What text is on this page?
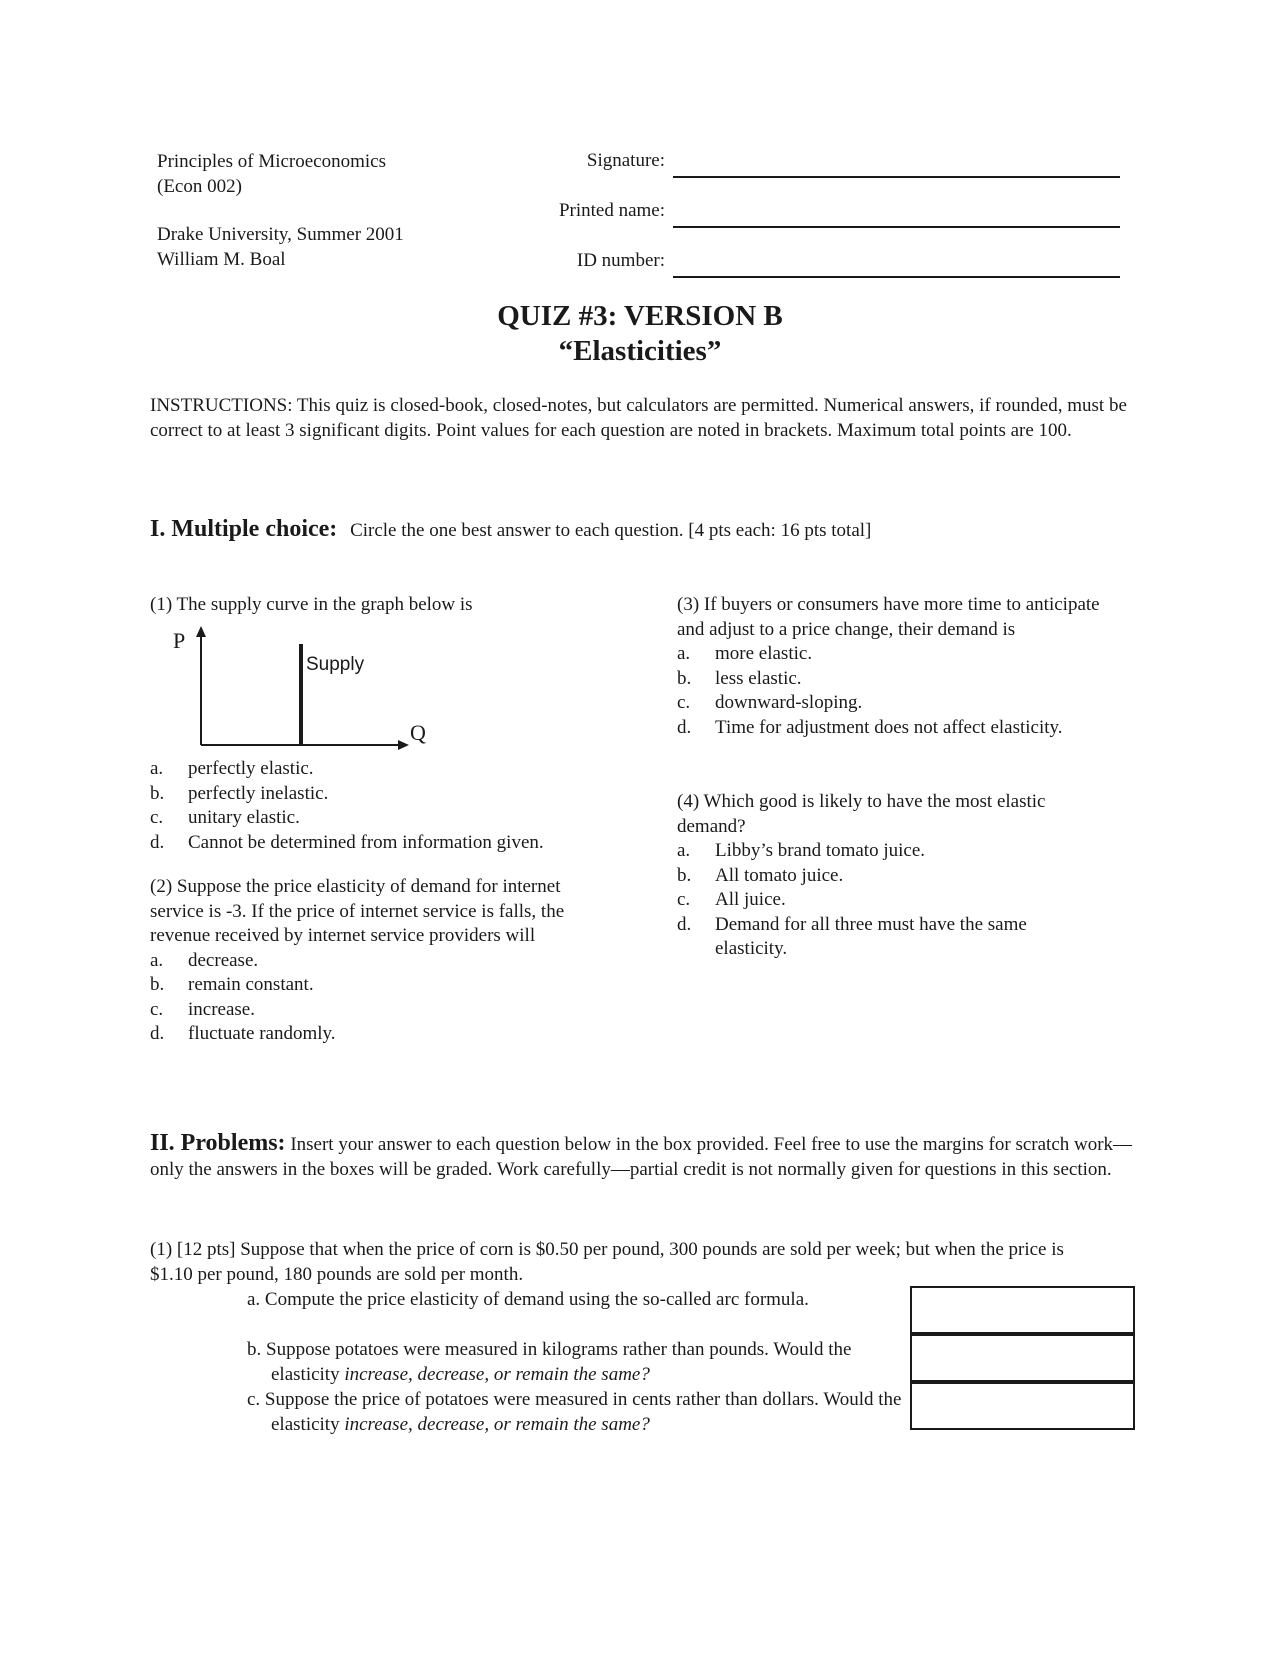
Principles of Microeconomics
(Econ 002)
Drake University, Summer 2001
William M. Boal
Signature:
Printed name:
ID number:
QUIZ #3: VERSION B
“Elasticities”
INSTRUCTIONS: This quiz is closed-book, closed-notes, but calculators are permitted. Numerical answers, if rounded, must be correct to at least 3 significant digits. Point values for each question are noted in brackets. Maximum total points are 100.
I. Multiple choice: Circle the one best answer to each question. [4 pts each: 16 pts total]
(1) The supply curve in the graph below is
P
Q
Supply
a.	perfectly elastic.
b.	perfectly inelastic.
c.	unitary elastic.
d.	Cannot be determined from information given.
(2) Suppose the price elasticity of demand for internet service is -3. If the price of internet service is falls, the revenue received by internet service providers will
a.	decrease.
b.	remain constant.
c.	increase.
d.	fluctuate randomly.
(3) If buyers or consumers have more time to anticipate and adjust to a price change, their demand is
a.	more elastic.
b.	less elastic.
c.	downward-sloping.
d.	Time for adjustment does not affect elasticity.
(4) Which good is likely to have the most elastic demand?
a.	Libby’s brand tomato juice.
b.	All tomato juice.
c.	All juice.
d.	Demand for all three must have the same elasticity.
II. Problems: Insert your answer to each question below in the box provided. Feel free to use the margins for scratch work—only the answers in the boxes will be graded. Work carefully—partial credit is not normally given for questions in this section.
(1) [12 pts] Suppose that when the price of corn is $0.50 per pound, 300 pounds are sold per week; but when the price is $1.10 per pound, 180 pounds are sold per month.
a. Compute the price elasticity of demand using the so-called arc formula.
b. Suppose potatoes were measured in kilograms rather than pounds. Would the elasticity increase, decrease, or remain the same?
c. Suppose the price of potatoes were measured in cents rather than dollars. Would the elasticity increase, decrease, or remain the same?
